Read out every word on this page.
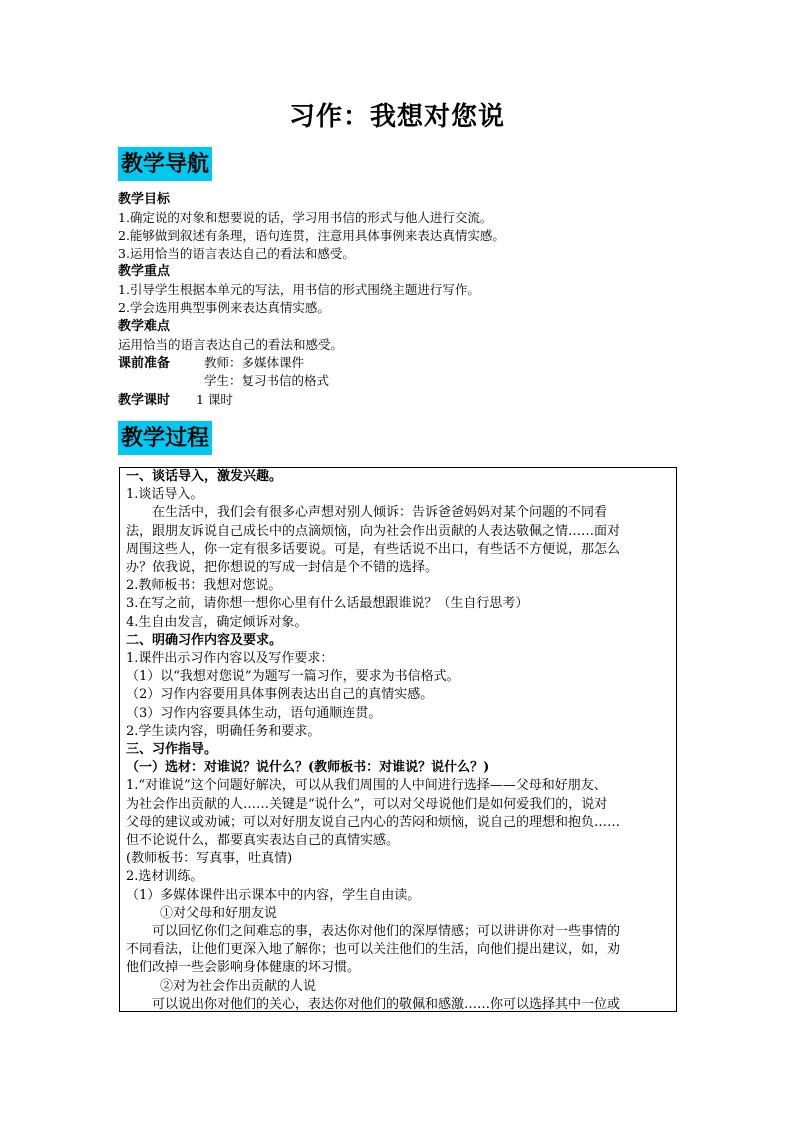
习作：我想对您说
教学导航
教学目标
1.确定说的对象和想要说的话，学习用书信的形式与他人进行交流。
2.能够做到叙述有条理，语句连贯，注意用具体事例来表达真情实感。
3.运用恰当的语言表达自己的看法和感受。
教学重点
1.引导学生根据本单元的写法，用书信的形式围绕主题进行写作。
2.学会选用典型事例来表达真情实感。
教学难点
运用恰当的语言表达自己的看法和感受。
课前准备	教师：多媒体课件
学生：复习书信的格式
教学课时 1 课时
教学过程
一、谈话导入，激发兴趣。
1.谈话导入。
在生活中，我们会有很多心声想对别人倾诉：告诉爸爸妈妈对某个问题的不同看
法，跟朋友诉说自己成长中的点滴烦恼，向为社会作出贡献的人表达敬佩之情……面对
周围这些人，你一定有很多话要说。可是，有些话说不出口，有些话不方便说，那怎么
办？依我说，把你想说的写成一封信是个不错的选择。
2.教师板书：我想对您说。
3.在写之前，请你想一想你心里有什么话最想跟谁说？（生自行思考）
4.生自由发言，确定倾诉对象。
二、明确习作内容及要求。
1.课件出示习作内容以及写作要求：
（1）以“我想对您说”为题写一篇习作，要求为书信格式。
（2）习作内容要用具体事例表达出自己的真情实感。
（3）习作内容要具体生动，语句通顺连贯。
2.学生读内容，明确任务和要求。
三、习作指导。
（一）选材：对谁说？说什么？(教师板书：对谁说？说什么？)
1.“对谁说”这个问题好解决，可以从我们周围的人中间进行选择——父母和好朋友、
为社会作出贡献的人……关键是“说什么”，可以对父母说他们是如何爱我们的，说对
父母的建议或劝诫；可以对好朋友说自己内心的苦闷和烦恼，说自己的理想和抱负……
但不论说什么，都要真实表达自己的真情实感。
(教师板书：写真事，吐真情)
2.选材训练。
（1）多媒体课件出示课本中的内容，学生自由读。
①对父母和好朋友说
可以回忆你们之间难忘的事，表达你对他们的深厚情感；可以讲讲你对一些事情的
不同看法，让他们更深入地了解你；也可以关注他们的生活，向他们提出建议，如，劝
他们改掉一些会影响身体健康的坏习惯。
②对为社会作出贡献的人说
可以说出你对他们的关心，表达你对他们的敬佩和感激……你可以选择其中一位或
